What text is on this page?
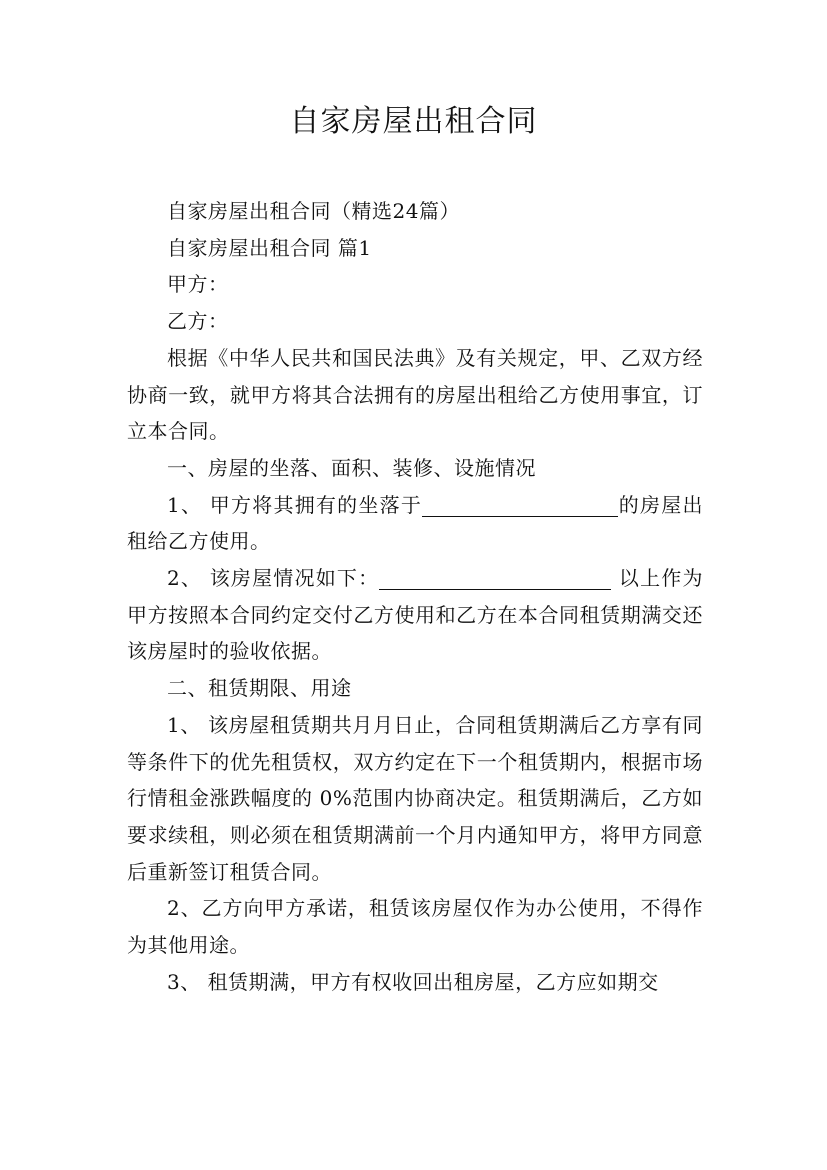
自家房屋出租合同

自家房屋出租合同（精选24篇）

自家房屋出租合同 篇1

甲方：

乙方：

根据《中华人民共和国民法典》及有关规定，甲、乙双方经协商一致，就甲方将其合法拥有的房屋出租给乙方使用事宜，订立本合同。

一、房屋的坐落、面积、装修、设施情况

1、 甲方将其拥有的坐落于	的房屋出租给乙方使用。

2、 该房屋情况如下：	以上作为甲方按照本合同约定交付乙方使用和乙方在本合同租赁期满交还该房屋时的验收依据。

二、租赁期限、用途

1、 该房屋租赁期共月月日止，合同租赁期满后乙方享有同等条件下的优先租赁权，双方约定在下一个租赁期内，根据市场行情租金涨跌幅度的 0%范围内协商决定。租赁期满后，乙方如要求续租，则必须在租赁期满前一个月内通知甲方，将甲方同意后重新签订租赁合同。

2、乙方向甲方承诺，租赁该房屋仅作为办公使用，不得作为其他用途。

3、 租赁期满，甲方有权收回出租房屋，乙方应如期交
